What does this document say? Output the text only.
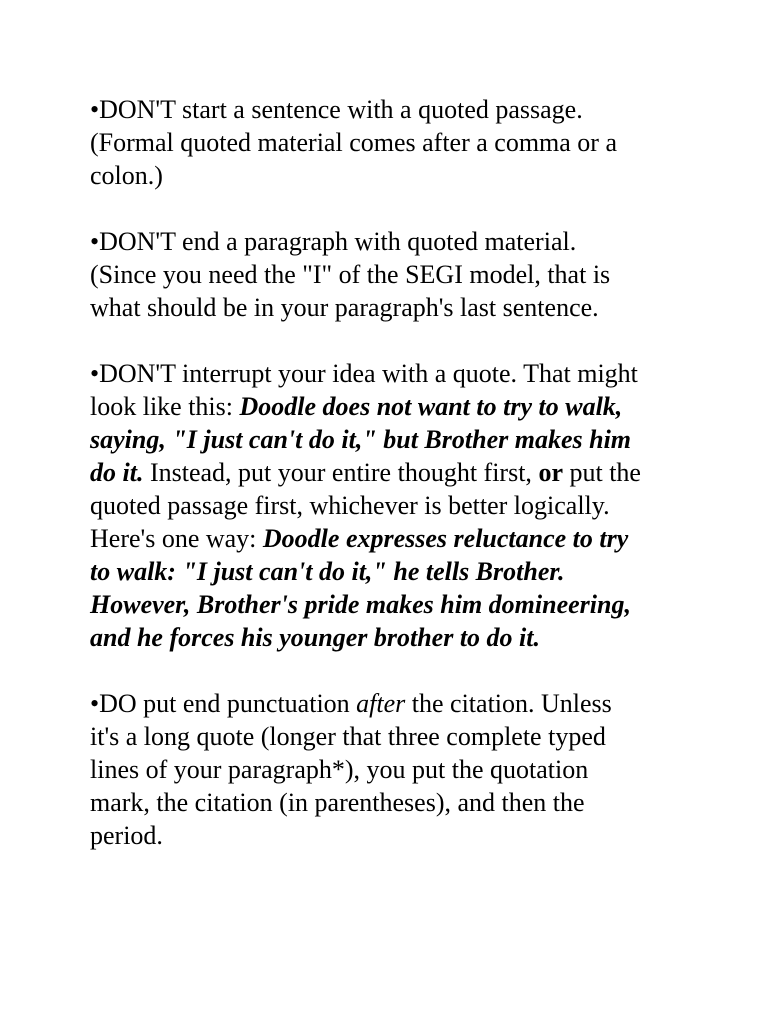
•DON'T start a sentence with a quoted passage.
(Formal quoted material comes after a comma or a
colon.)

•DON'T end a paragraph with quoted material.
(Since you need the "I" of the SEGI model, that is
what should be in your paragraph's last sentence.

•DON'T interrupt your idea with a quote. That might
look like this: Doodle does not want to try to walk,
saying, "I just can't do it," but Brother makes him
do it. Instead, put your entire thought first, or put the
quoted passage first, whichever is better logically.
Here's one way: Doodle expresses reluctance to try
to walk: "I just can't do it," he tells Brother.
However, Brother's pride makes him domineering,
and he forces his younger brother to do it.

•DO put end punctuation after the citation. Unless
it's a long quote (longer that three complete typed
lines of your paragraph*), you put the quotation
mark, the citation (in parentheses), and then the
period.
